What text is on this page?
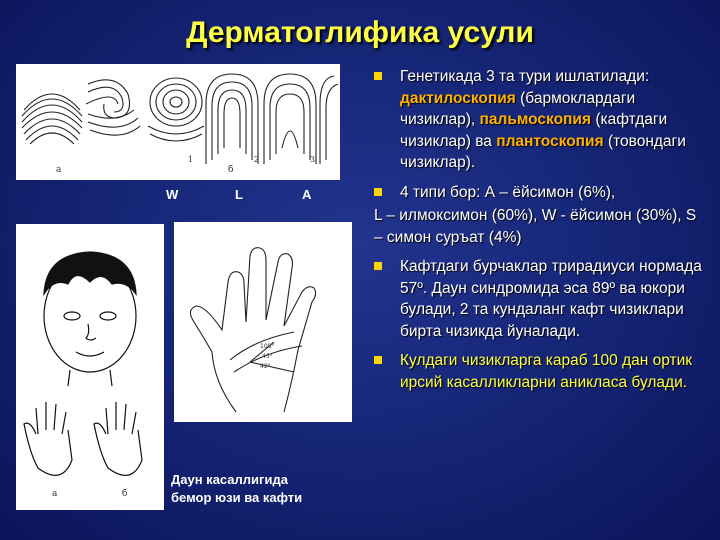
Дерматоглифика усули
а	б
1	2	3
W	L	A
а	б
108°
45°
42°
Даун касаллигида
бемор юзи ва кафти
Генетикада 3 та тури ишлатилади: дактилоскопия (бармоклардаги чизиклар), пальмоскопия (кафтдаги чизиклар) ва плантоскопия (товондаги чизиклар).
4 типи бор: А – ёйсимон (6%),
L – илмоксимон (60%), W - ёйсимон (30%), S – симон суръат (4%)
Кафтдаги бурчаклар трирадиуси нормада 57º. Даун синдромида эса 89º ва юкори булади, 2 та кундаланг кафт чизиклари бирта чизикда йуналади.
Кулдаги чизикларга караб 100 дан ортик ирсий касалликларни аникласа булади.
